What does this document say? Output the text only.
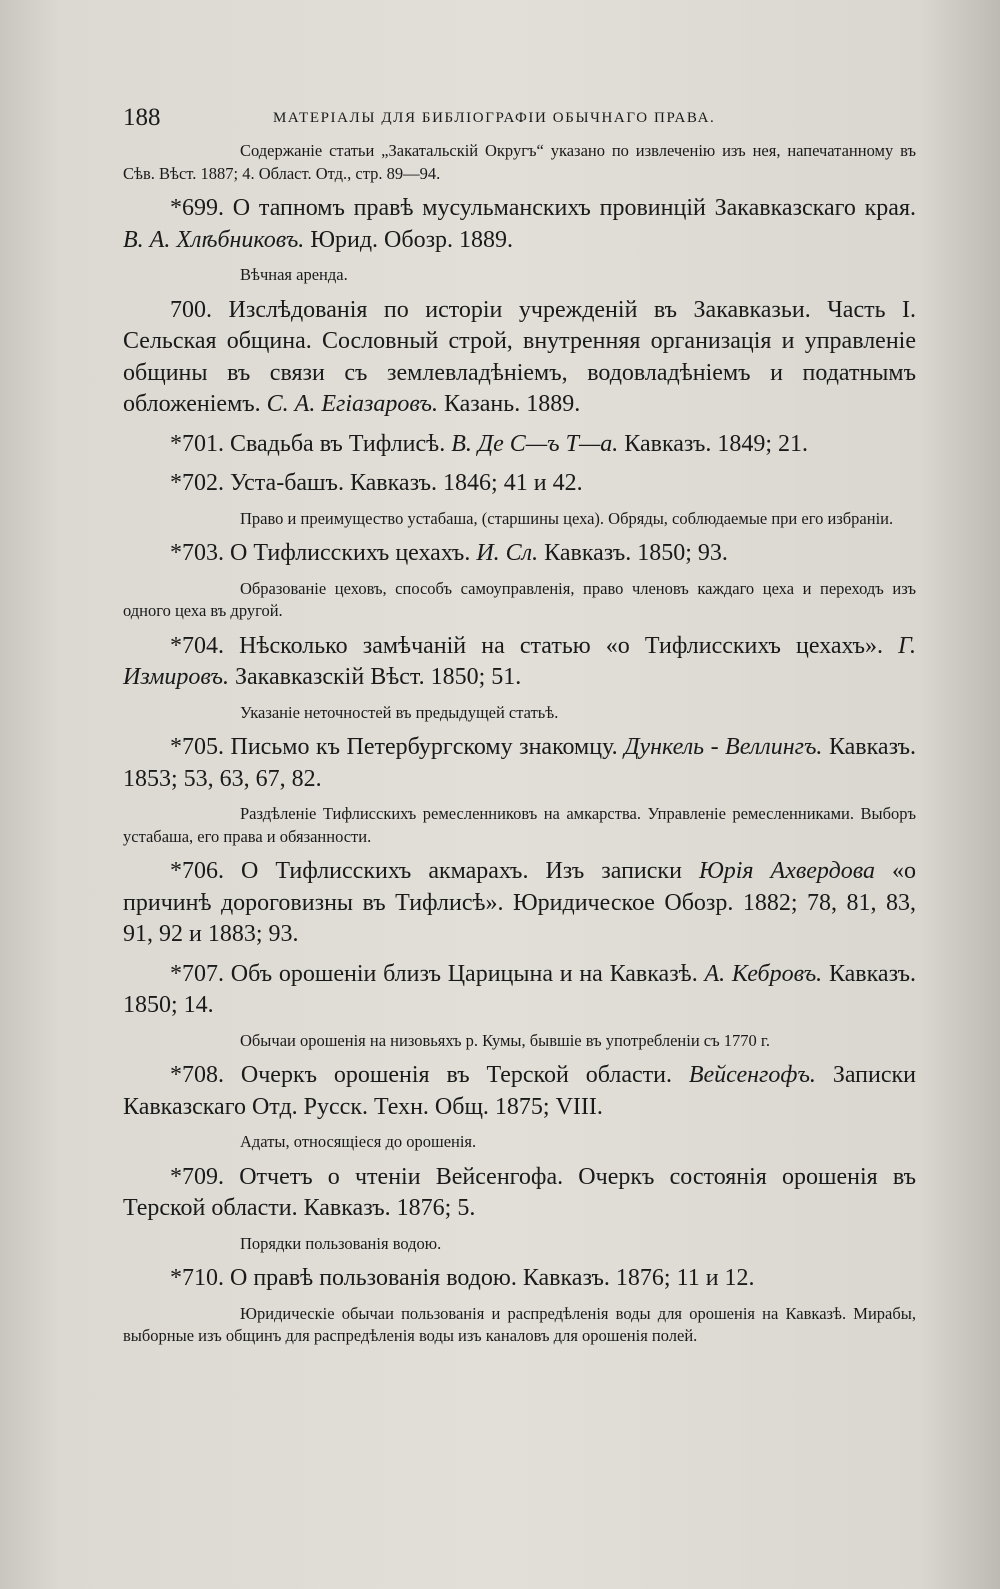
188	МАТЕРІАЛЫ ДЛЯ БИБЛІОГРАФІИ ОБЫЧНАГО ПРАВА.

Содержаніе статьи „Закатальскій Округъ“ указано по извлеченію изъ нея, напечатанному въ Сѣв. Вѣст. 1887; 4. Област. Отд., стр. 89—94.

*699. О тапномъ правѣ мусульманскихъ провинцій Закавказскаго края. В. А. Хлѣбниковъ. Юрид. Обозр. 1889.

Вѣчная аренда.

700. Изслѣдованія по исторіи учрежденій въ Закавказьи. Часть I. Сельская община. Сословный строй, внутренняя организація и управленіе общины въ связи съ землевладѣніемъ, водовладѣніемъ и податнымъ обложеніемъ. С. А. Егіазаровъ. Казань. 1889.

*701. Свадьба въ Тифлисѣ. В. Де С—ъ Т—а. Кавказъ. 1849; 21.

*702. Уста-башъ. Кавказъ. 1846; 41 и 42.

Право и преимущество устабаша, (старшины цеха). Обряды, соблюдаемые при его избраніи.

*703. О Тифлисскихъ цехахъ. И. Сл. Кавказъ. 1850; 93.

Образованіе цеховъ, способъ самоуправленія, право членовъ каждаго цеха и переходъ изъ одного цеха въ другой.

*704. Нѣсколько замѣчаній на статью «о Тифлисскихъ цехахъ». Г. Измировъ. Закавказскій Вѣст. 1850; 51.

Указаніе неточностей въ предыдущей статьѣ.

*705. Письмо къ Петербургскому знакомцу. Дункель - Веллингъ. Кавказъ. 1853; 53, 63, 67, 82.

Раздѣленіе Тифлисскихъ ремесленниковъ на амкарства. Управленіе ремесленниками. Выборъ устабаша, его права и обязанности.

*706. О Тифлисскихъ акмарахъ. Изъ записки Юрія Ахвердова «о причинѣ дороговизны въ Тифлисѣ». Юридическое Обозр. 1882; 78, 81, 83, 91, 92 и 1883; 93.

*707. Объ орошеніи близъ Царицына и на Кавказѣ. А. Кебровъ. Кавказъ. 1850; 14.

Обычаи орошенія на низовьяхъ р. Кумы, бывшіе въ употребленіи съ 1770 г.

*708. Очеркъ орошенія въ Терской области. Вейсенгофъ. Записки Кавказскаго Отд. Русск. Техн. Общ. 1875; VIII.

Адаты, относящіеся до орошенія.

*709. Отчетъ о чтеніи Вейсенгофа. Очеркъ состоянія орошенія въ Терской области. Кавказъ. 1876; 5.

Порядки пользованія водою.

*710. О правѣ пользованія водою. Кавказъ. 1876; 11 и 12.

Юридическіе обычаи пользованія и распредѣленія воды для орошенія на Кавказѣ. Мирабы, выборные изъ общинъ для распредѣленія воды изъ каналовъ для орошенія полей.
